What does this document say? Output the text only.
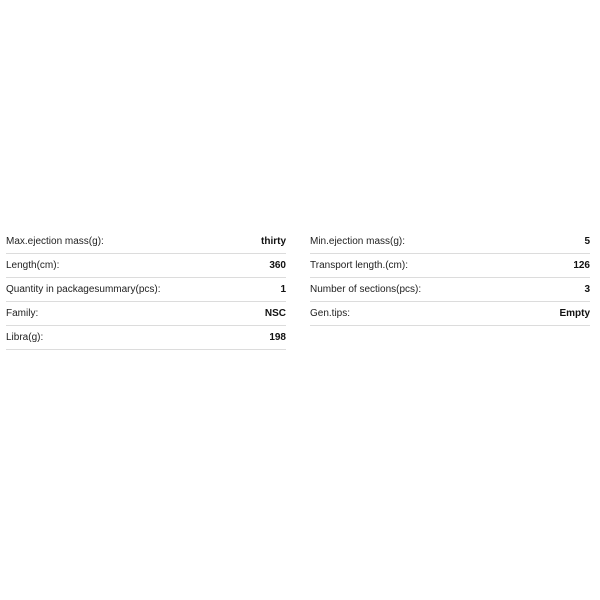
Max.ejection mass(g):	thirty
Length(cm):	360
Quantity in packagesummary(pcs):	1
Family:	NSC
Libra(g):	198
Min.ejection mass(g):	5
Transport length.(cm):	126
Number of sections(pcs):	3
Gen.tips:	Empty
